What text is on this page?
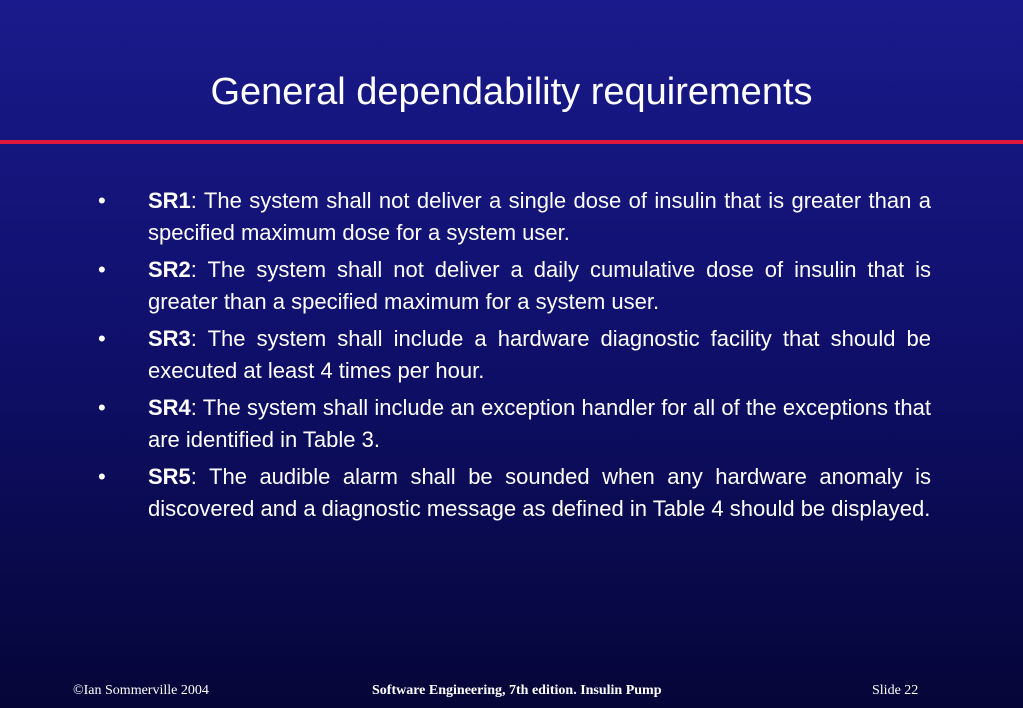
General dependability requirements
• SR1: The system shall not deliver a single dose of insulin that is greater than a specified maximum dose for a system user.
• SR2: The system shall not deliver a daily cumulative dose of insulin that is greater than a specified maximum for a system user.
• SR3: The system shall include a hardware diagnostic facility that should be executed at least 4 times per hour.
• SR4: The system shall include an exception handler for all of the exceptions that are identified in Table 3.
• SR5: The audible alarm shall be sounded when any hardware anomaly is discovered and a diagnostic message as defined in Table 4 should be displayed.
©Ian Sommerville 2004	Software Engineering, 7th edition. Insulin Pump	Slide 22
